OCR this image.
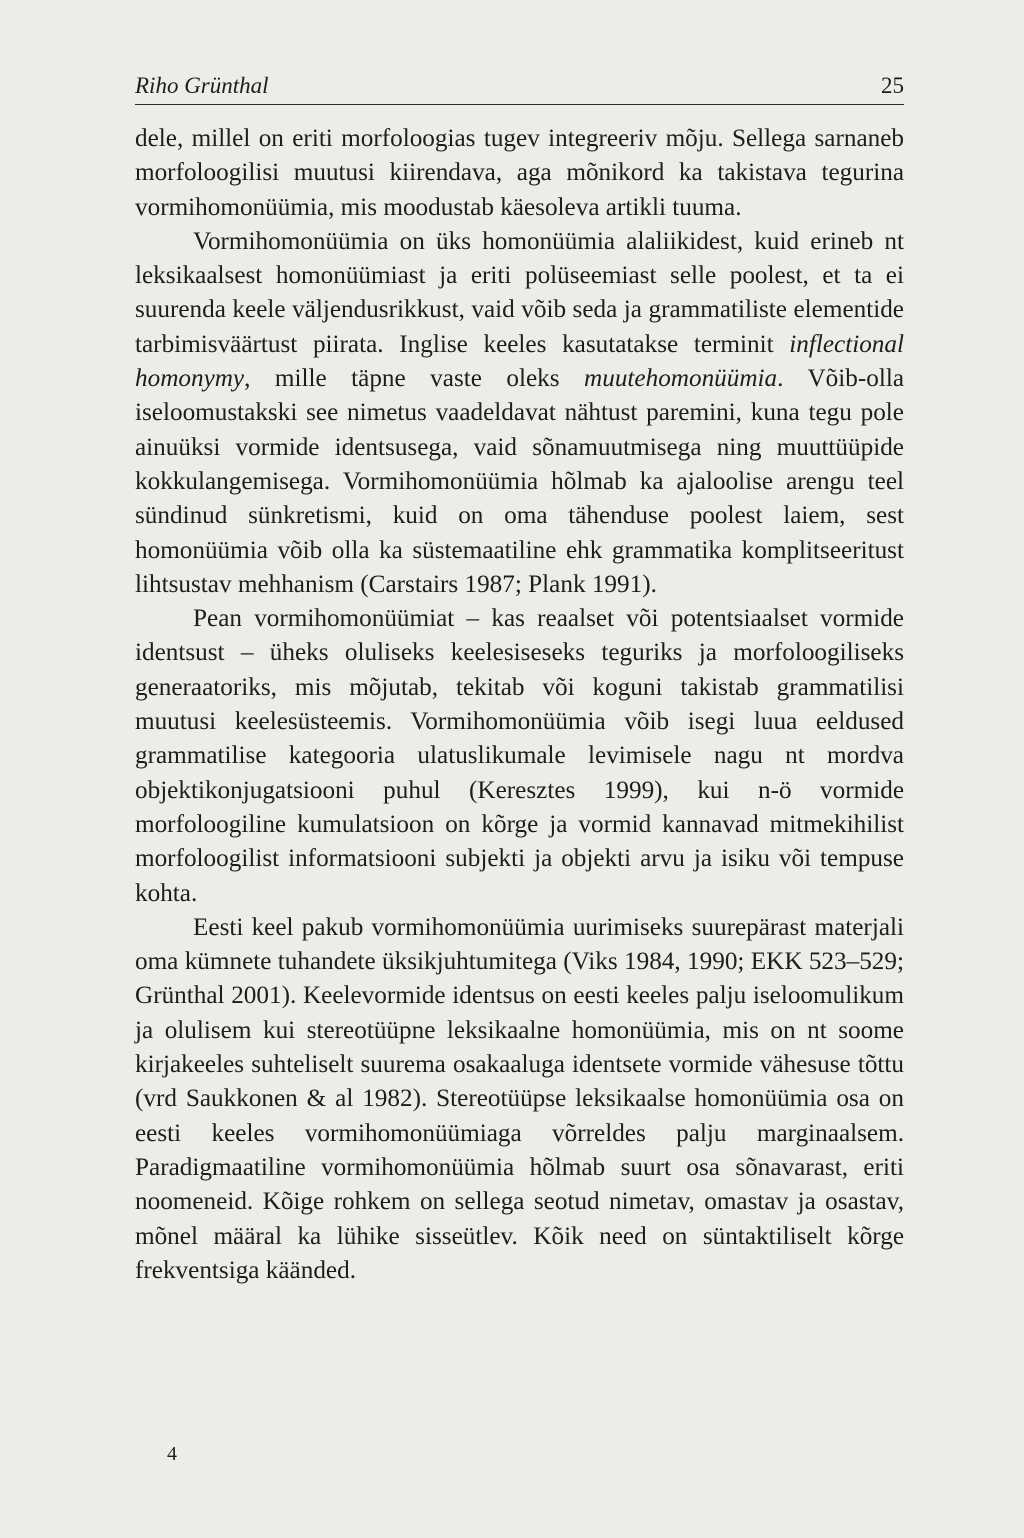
Riho Grünthal	25

dele, millel on eriti morfoloogias tugev integreeriv mõju. Sellega sarnaneb morfoloogilisi muutusi kiirendava, aga mõnikord ka takistava tegurina vormihomonüümia, mis moodustab käesoleva artikli tuuma.

Vormihomonüümia on üks homonüümia alaliikidest, kuid erineb nt leksikaalsest homonüümiast ja eriti polüseemiast selle poolest, et ta ei suurenda keele väljendusrikkust, vaid võib seda ja grammatiliste elementide tarbimisväärtust piirata. Inglise keeles kasutatakse terminit inflectional homonymy, mille täpne vaste oleks muutehomonüümia. Võib-olla iseloomustakski see nimetus vaadeldavat nähtust paremini, kuna tegu pole ainuüksi vormide identsusega, vaid sõnamuutmisega ning muuttüüpide kokkulangemisega. Vormihomonüümia hõlmab ka ajaloolise arengu teel sündinud sünkretismi, kuid on oma tähenduse poolest laiem, sest homonüümia võib olla ka süstemaatiline ehk grammatika komplitseeritust lihtsustav mehhanism (Carstairs 1987; Plank 1991).

Pean vormihomonüümiat – kas reaalset või potentsiaalset vormide identsust – üheks oluliseks keelesiseseks teguriks ja morfoloogiliseks generaatoriks, mis mõjutab, tekitab või koguni takistab grammatilisi muutusi keelesüsteemis. Vormihomonüümia võib isegi luua eeldused grammatilise kategooria ulatuslikumale levimisele nagu nt mordva objektikonjugatsiooni puhul (Keresztes 1999), kui n-ö vormide morfoloogiline kumulatsioon on kõrge ja vormid kannavad mitmekihilist morfoloogilist informatsiooni subjekti ja objekti arvu ja isiku või tempuse kohta.

Eesti keel pakub vormihomonüümia uurimiseks suurepärast materjali oma kümnete tuhandete üksikjuhtumitega (Viks 1984, 1990; EKK 523–529; Grünthal 2001). Keelevormide identsus on eesti keeles palju iseloomulikum ja olulisem kui stereotüüpne leksikaalne homonüümia, mis on nt soome kirjakeeles suhteliselt suurema osakaaluga identsete vormide vähesuse tõttu (vrd Saukkonen & al 1982). Stereotüüpse leksikaalse homonüümia osa on eesti keeles vormihomonüümiaga võrreldes palju marginaalsem. Paradigmaatiline vormihomonüümia hõlmab suurt osa sõnavarast, eriti noomeneid. Kõige rohkem on sellega seotud nimetav, omastav ja osastav, mõnel määral ka lühike sisseütlev. Kõik need on süntaktiliselt kõrge frekventsiga käänded.

4
